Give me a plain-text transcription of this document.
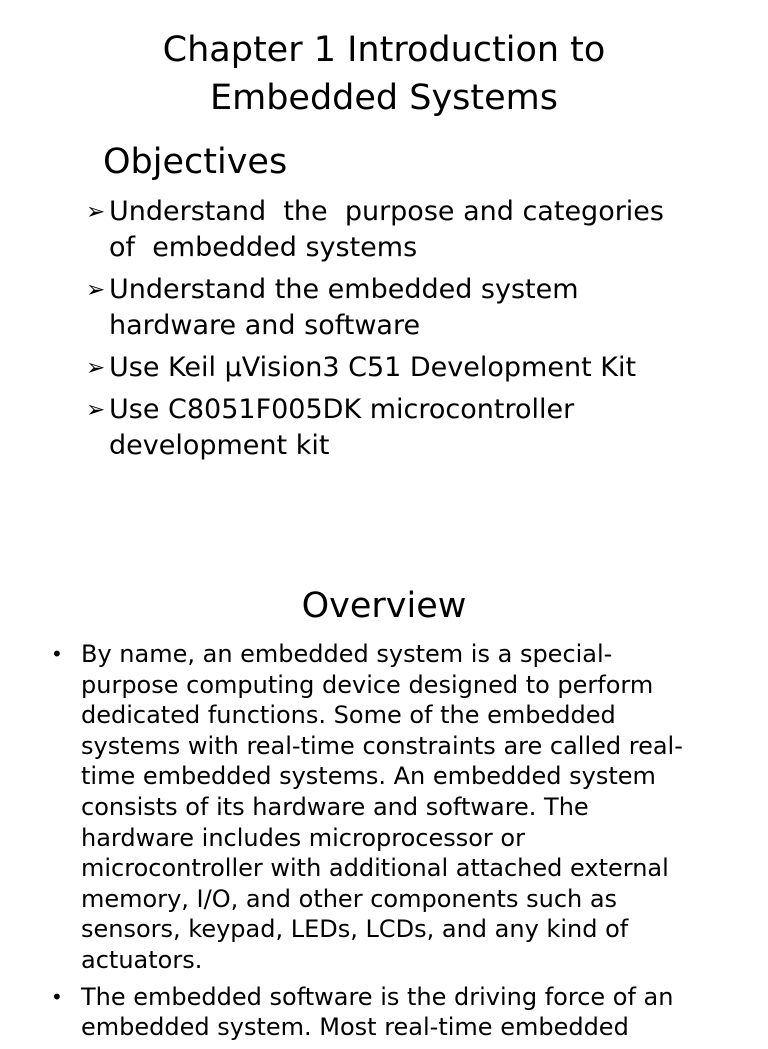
Chapter 1 Introduction to
Embedded Systems
Objectives
➢ Understand  the  purpose and categories
of  embedded systems
➢ Understand the embedded system
hardware and software
➢ Use Keil µVision3 C51 Development Kit
➢ Use C8051F005DK microcontroller
development kit
Overview
• By name, an embedded system is a special-
purpose computing device designed to perform
dedicated functions. Some of the embedded
systems with real-time constraints are called real-
time embedded systems. An embedded system
consists of its hardware and software. The
hardware includes microprocessor or
microcontroller with additional attached external
memory, I/O, and other components such as
sensors, keypad, LEDs, LCDs, and any kind of
actuators.
• The embedded software is the driving force of an
embedded system. Most real-time embedded
